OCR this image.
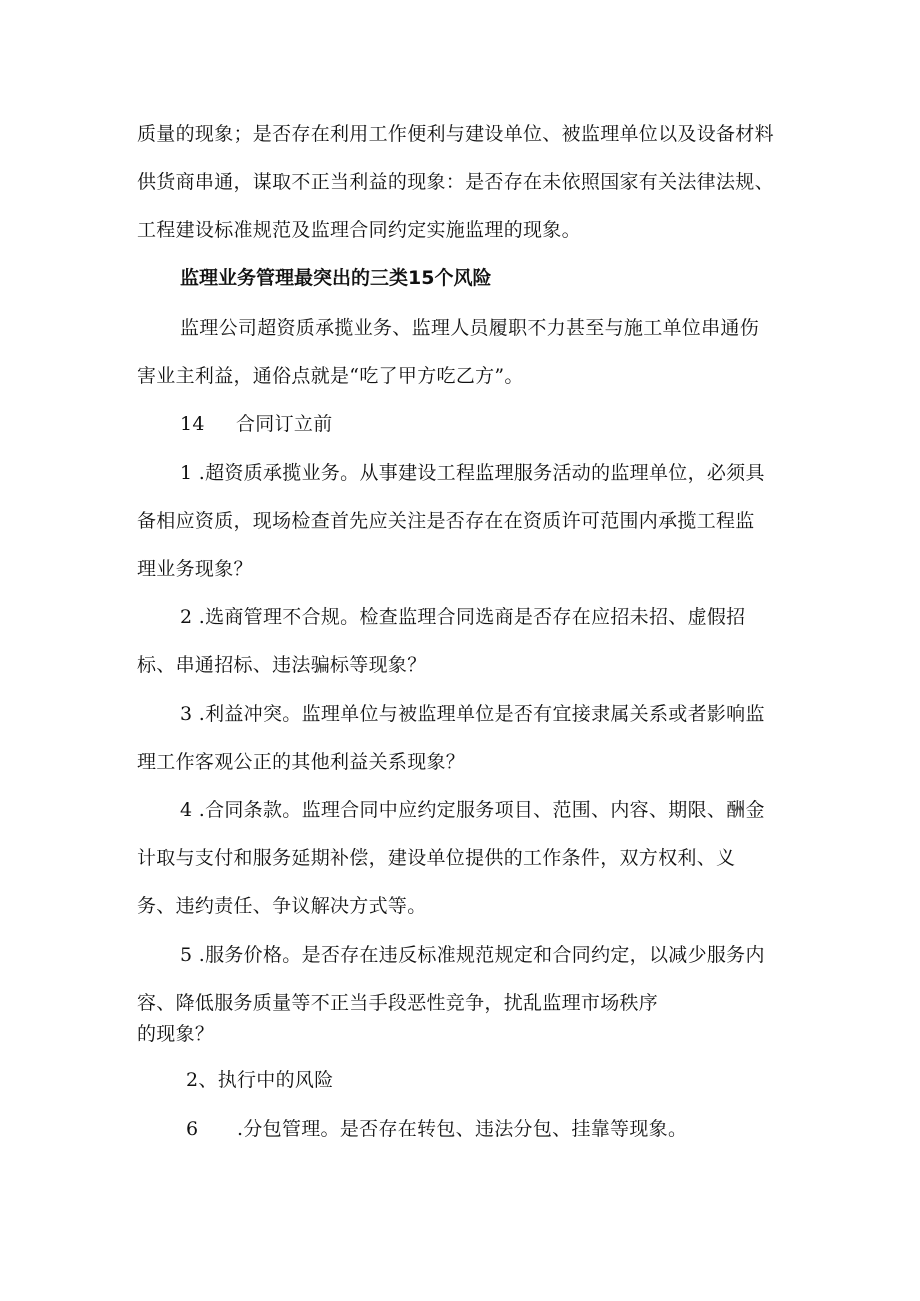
质量的现象；是否存在利用工作便利与建设单位、被监理单位以及设备材料
供货商串通，谋取不正当利益的现象：是否存在未依照国家有关法律法规、
工程建设标准规范及监理合同约定实施监理的现象。
监理业务管理最突出的三类15个风险
监理公司超资质承揽业务、监理人员履职不力甚至与施工单位串通伤
害业主利益，通俗点就是“吃了甲方吃乙方”。
14 合同订立前
1 .超资质承揽业务。从事建设工程监理服务活动的监理单位，必须具
备相应资质，现场检查首先应关注是否存在在资质许可范围内承揽工程监
理业务现象？
2 .选商管理不合规。检查监理合同选商是否存在应招未招、虚假招
标、串通招标、违法骗标等现象？
3 .利益冲突。监理单位与被监理单位是否有宜接隶属关系或者影响监
理工作客观公正的其他利益关系现象？
4 .合同条款。监理合同中应约定服务项目、范围、内容、期限、酬金
计取与支付和服务延期补偿，建设单位提供的工作条件，双方权利、义
务、违约责任、争议解决方式等。
5 .服务价格。是否存在违反标准规范规定和合同约定，以减少服务内
容、降低服务质量等不正当手段恶性竞争，扰乱监理市场秩序
的现象？
2、执行中的风险
6 .分包管理。是否存在转包、违法分包、挂靠等现象。
